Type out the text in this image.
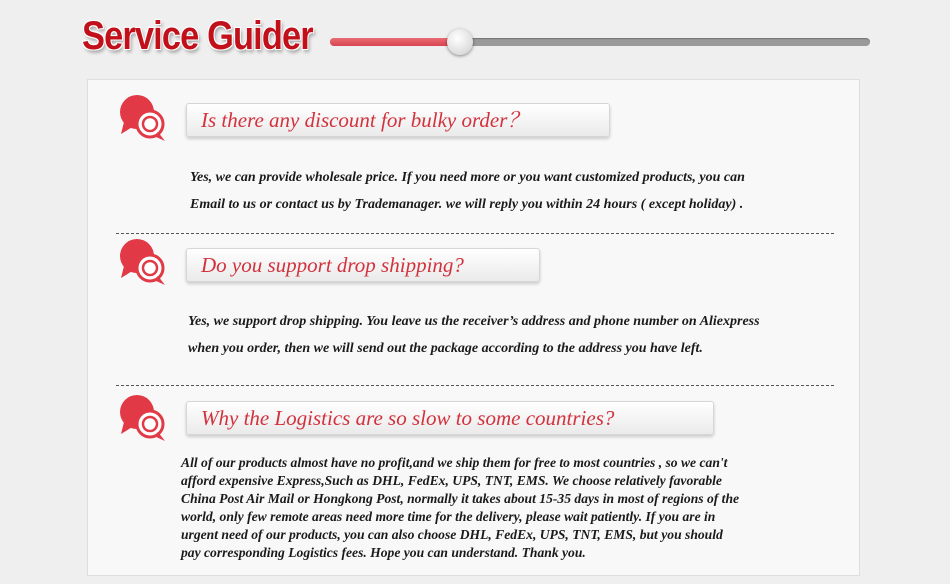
Service Guider
Is there any discount for bulky order？

Yes, we can provide wholesale price. If you need more or you want customized products, you can

Email to us or contact us by Trademanager. we will reply you within 24 hours ( except holiday) .

Do you support drop shipping?

Yes, we support drop shipping. You leave us the receiver’s address and phone number on Aliexpress

when you order, then we will send out the package according to the address you have left.

Why the Logistics are so slow to some countries?

All of our products almost have no profit,and we ship them for free to most countries , so we can't

afford expensive Express,Such as DHL, FedEx, UPS, TNT, EMS. We choose relatively favorable

China Post Air Mail or Hongkong Post, normally it takes about 15-35 days in most of regions of the

world, only few remote areas need more time for the delivery, please wait patiently. If you are in

urgent need of our products, you can also choose DHL, FedEx, UPS, TNT, EMS, but you should

pay corresponding Logistics fees. Hope you can understand. Thank you.
